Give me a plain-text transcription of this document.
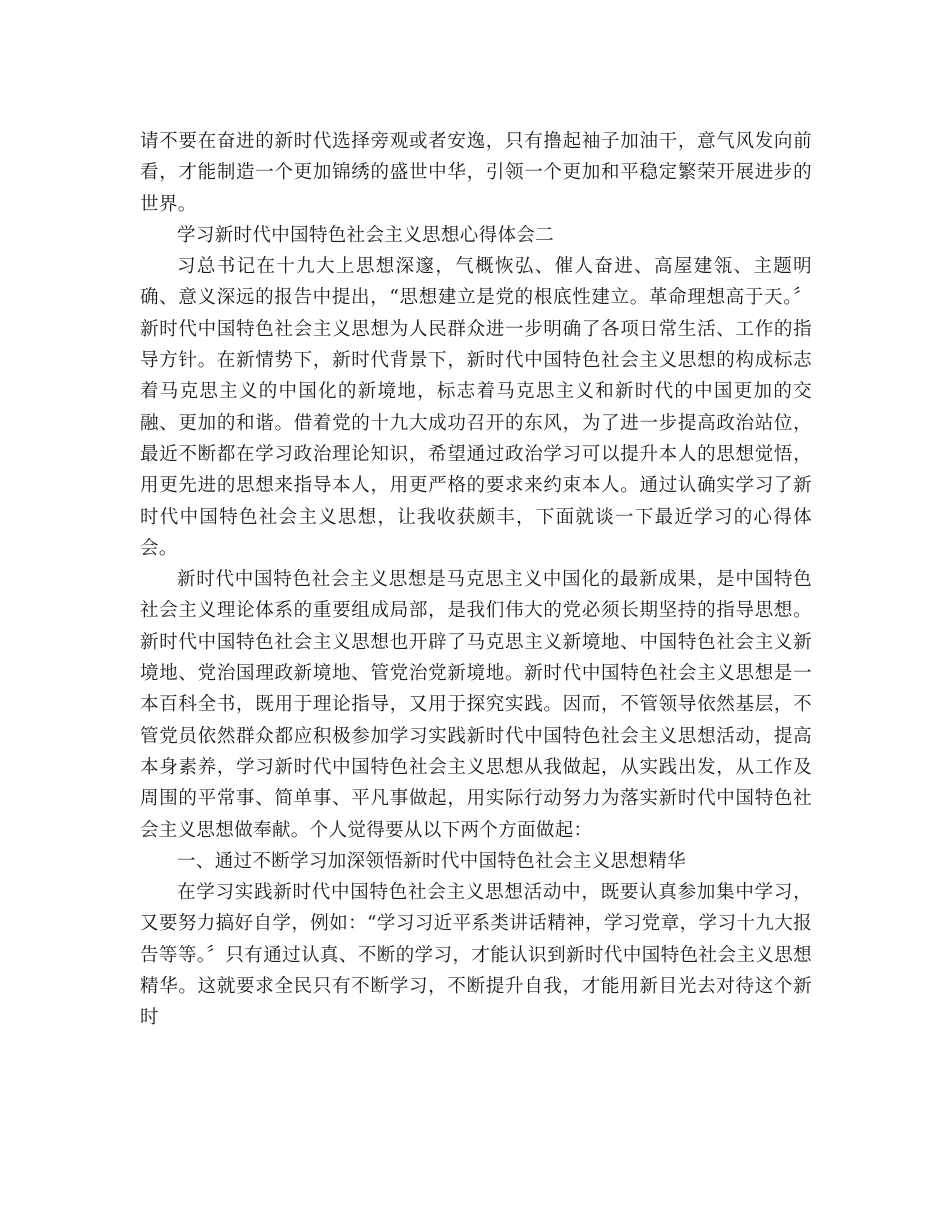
请不要在奋进的新时代选择旁观或者安逸，只有撸起袖子加油干，意气风发向前看，才能制造一个更加锦绣的盛世中华，引领一个更加和平稳定繁荣开展进步的世界。

学习新时代中国特色社会主义思想心得体会二

习总书记在十九大上思想深邃，气概恢弘、催人奋进、高屋建瓴、主题明确、意义深远的报告中提出，“思想建立是党的根底性建立。革命理想高于天。〞新时代中国特色社会主义思想为人民群众进一步明确了各项日常生活、工作的指导方针。在新情势下，新时代背景下，新时代中国特色社会主义思想的构成标志着马克思主义的中国化的新境地，标志着马克思主义和新时代的中国更加的交融、更加的和谐。借着党的十九大成功召开的东风，为了进一步提高政治站位，最近不断都在学习政治理论知识，希望通过政治学习可以提升本人的思想觉悟，用更先进的思想来指导本人，用更严格的要求来约束本人。通过认确实学习了新时代中国特色社会主义思想，让我收获颇丰，下面就谈一下最近学习的心得体会。

新时代中国特色社会主义思想是马克思主义中国化的最新成果，是中国特色社会主义理论体系的重要组成局部，是我们伟大的党必须长期坚持的指导思想。新时代中国特色社会主义思想也开辟了马克思主义新境地、中国特色社会主义新境地、党治国理政新境地、管党治党新境地。新时代中国特色社会主义思想是一本百科全书，既用于理论指导，又用于探究实践。因而，不管领导依然基层，不管党员依然群众都应积极参加学习实践新时代中国特色社会主义思想活动，提高本身素养，学习新时代中国特色社会主义思想从我做起，从实践出发，从工作及周围的平常事、简单事、平凡事做起，用实际行动努力为落实新时代中国特色社会主义思想做奉献。个人觉得要从以下两个方面做起：

一、通过不断学习加深领悟新时代中国特色社会主义思想精华

在学习实践新时代中国特色社会主义思想活动中，既要认真参加集中学习，又要努力搞好自学，例如：“学习习近平系类讲话精神，学习党章，学习十九大报告等等。〞只有通过认真、不断的学习，才能认识到新时代中国特色社会主义思想精华。这就要求全民只有不断学习，不断提升自我，才能用新目光去对待这个新时
